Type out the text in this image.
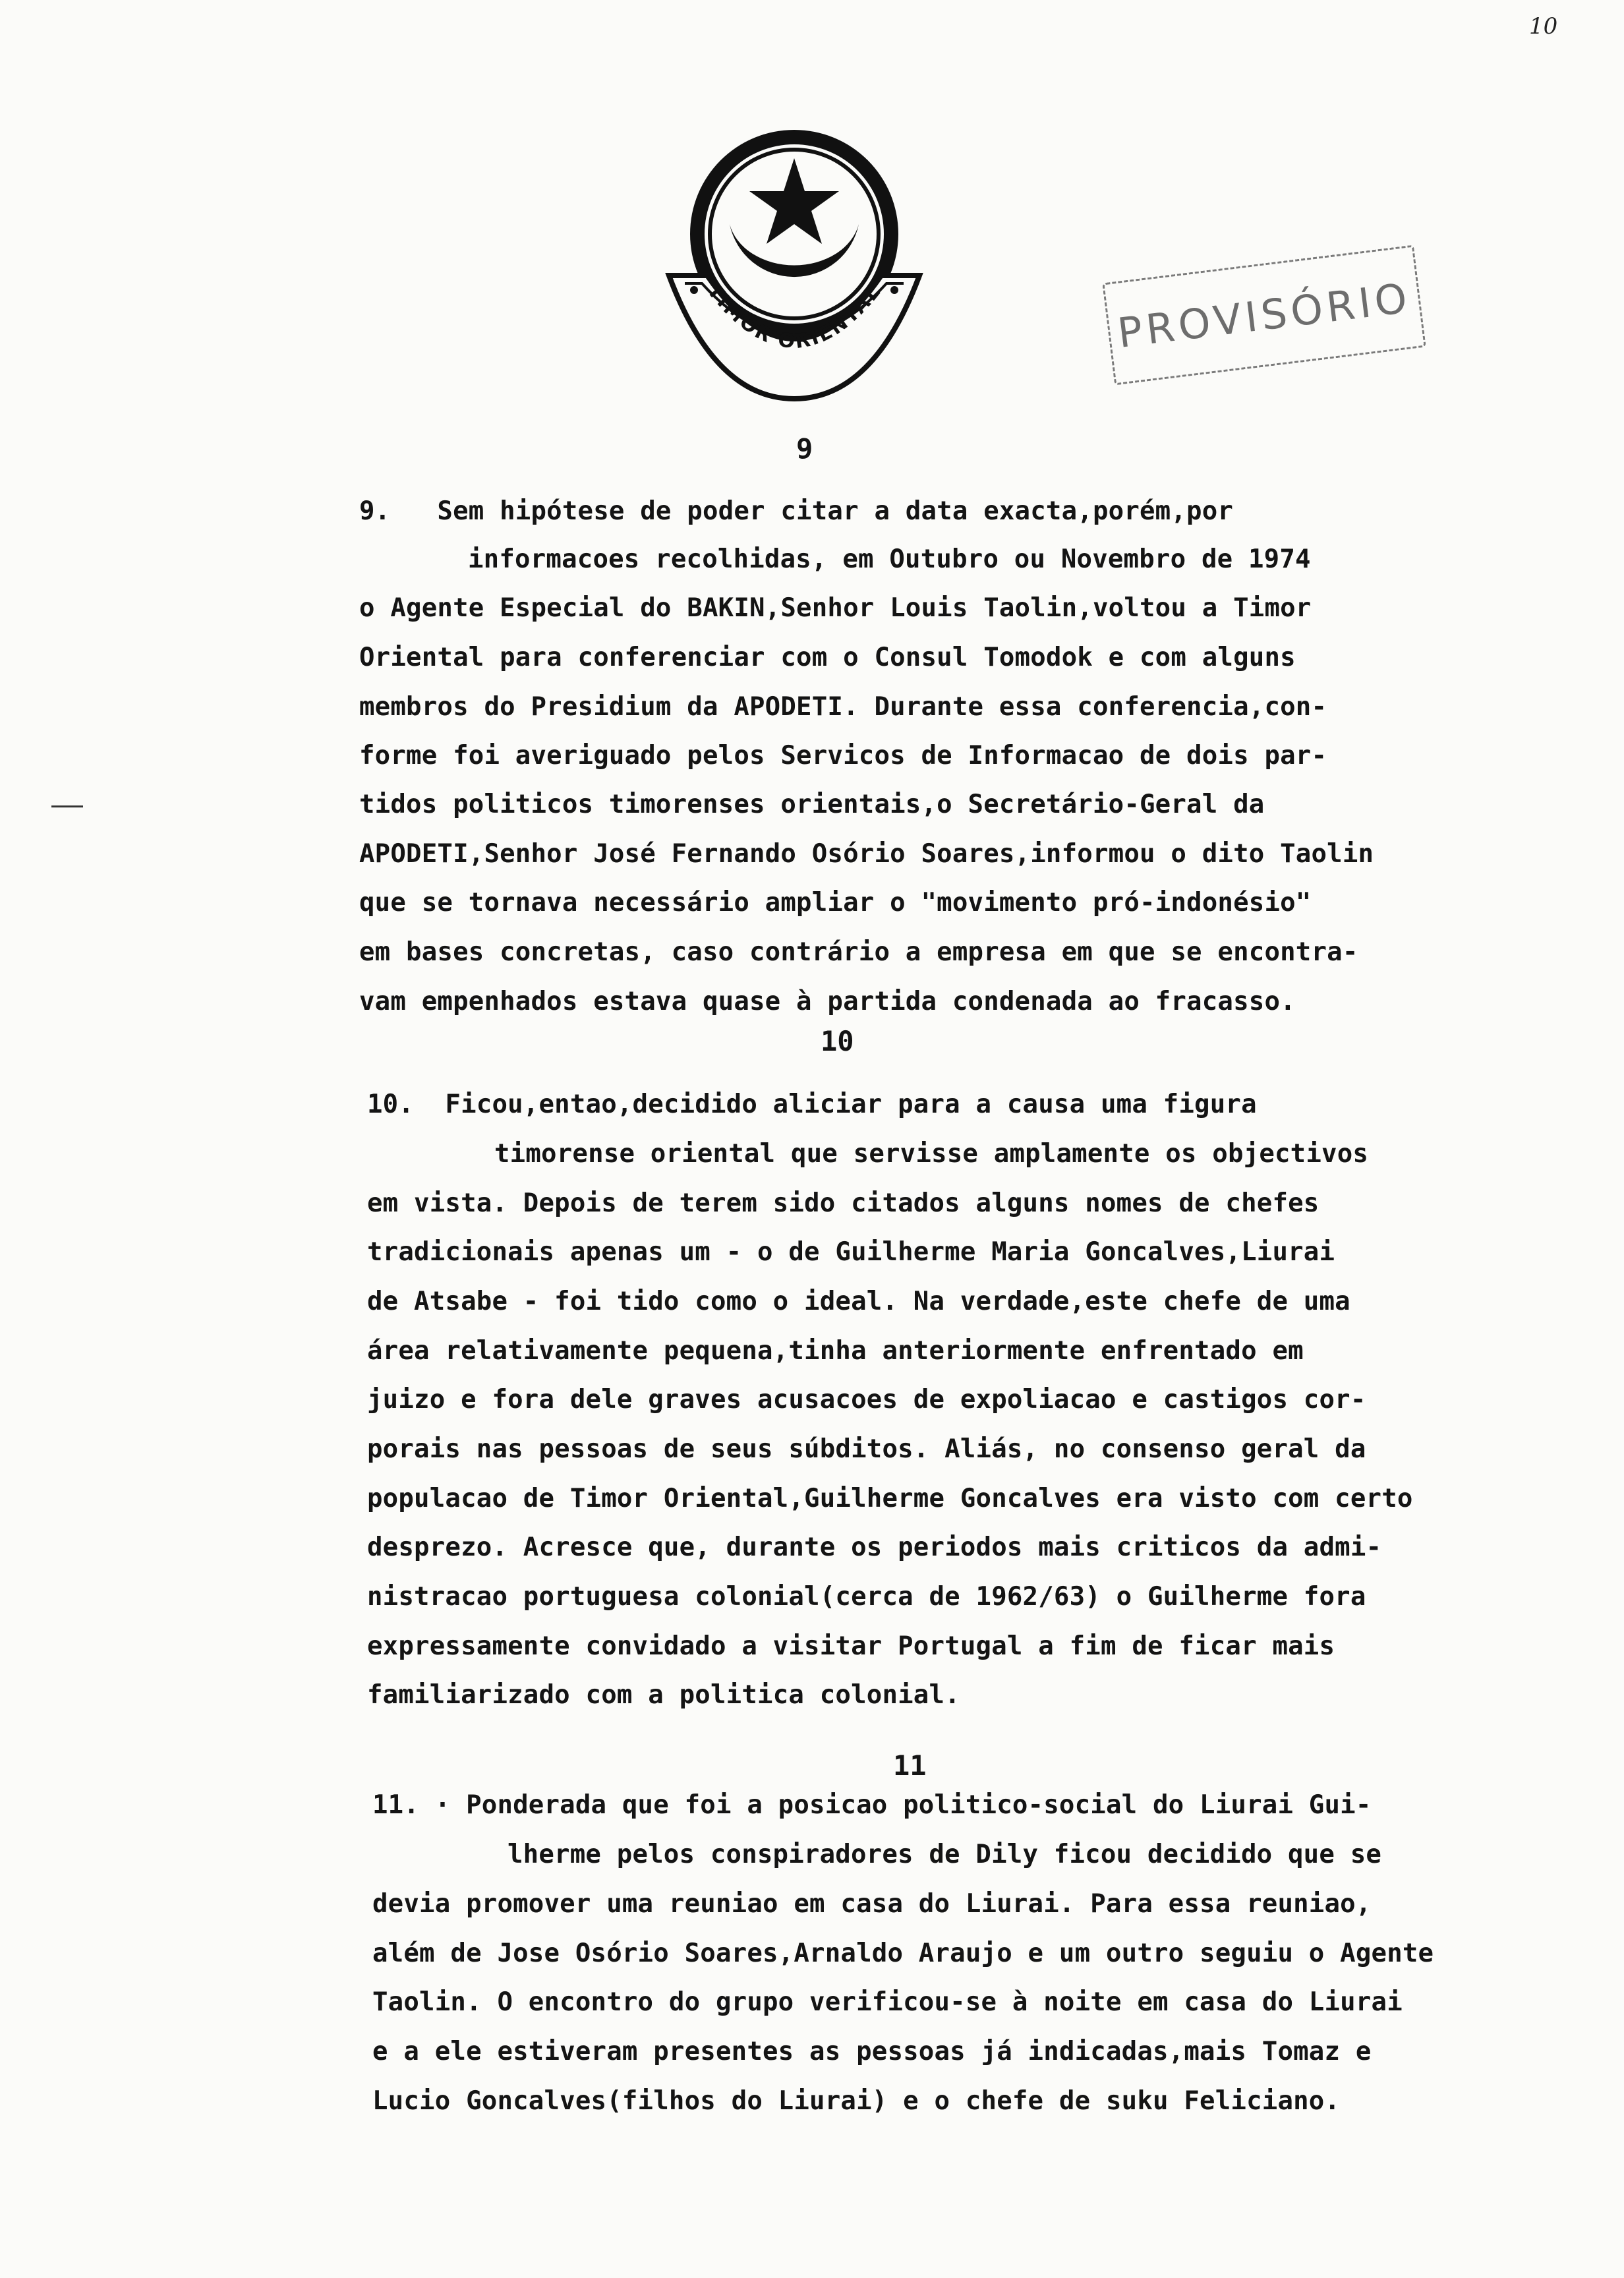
10
TIMOR ORIENTAL	PROVISÓRIO
9
9.   Sem hipótese de poder citar a data exacta,porém,por
informacoes recolhidas, em Outubro ou Novembro de 1974
o Agente Especial do BAKIN,Senhor Louis Taolin,voltou a Timor
Oriental para conferenciar com o Consul Tomodok e com alguns
membros do Presidium da APODETI. Durante essa conferencia,con-
forme foi averiguado pelos Servicos de Informacao de dois par-
tidos politicos timorenses orientais,o Secretário-Geral da
APODETI,Senhor José Fernando Osório Soares,informou o dito Taolin
que se tornava necessário ampliar o "movimento pró-indonésio"
em bases concretas, caso contrário a empresa em que se encontra-
vam empenhados estava quase à partida condenada ao fracasso.
10
10.  Ficou,entao,decidido aliciar para a causa uma figura
timorense oriental que servisse amplamente os objectivos
em vista. Depois de terem sido citados alguns nomes de chefes
tradicionais apenas um - o de Guilherme Maria Goncalves,Liurai
de Atsabe - foi tido como o ideal. Na verdade,este chefe de uma
área relativamente pequena,tinha anteriormente enfrentado em
juizo e fora dele graves acusacoes de expoliacao e castigos cor-
porais nas pessoas de seus súbditos. Aliás, no consenso geral da
populacao de Timor Oriental,Guilherme Goncalves era visto com certo
desprezo. Acresce que, durante os periodos mais criticos da admi-
nistracao portuguesa colonial(cerca de 1962/63) o Guilherme fora
expressamente convidado a visitar Portugal a fim de ficar mais
familiarizado com a politica colonial.
11
11. · Ponderada que foi a posicao politico-social do Liurai Gui-
lherme pelos conspiradores de Dily ficou decidido que se
devia promover uma reuniao em casa do Liurai. Para essa reuniao,
além de Jose Osório Soares,Arnaldo Araujo e um outro seguiu o Agente
Taolin. O encontro do grupo verificou-se à noite em casa do Liurai
e a ele estiveram presentes as pessoas já indicadas,mais Tomaz e
Lucio Goncalves(filhos do Liurai) e o chefe de suku Feliciano.
